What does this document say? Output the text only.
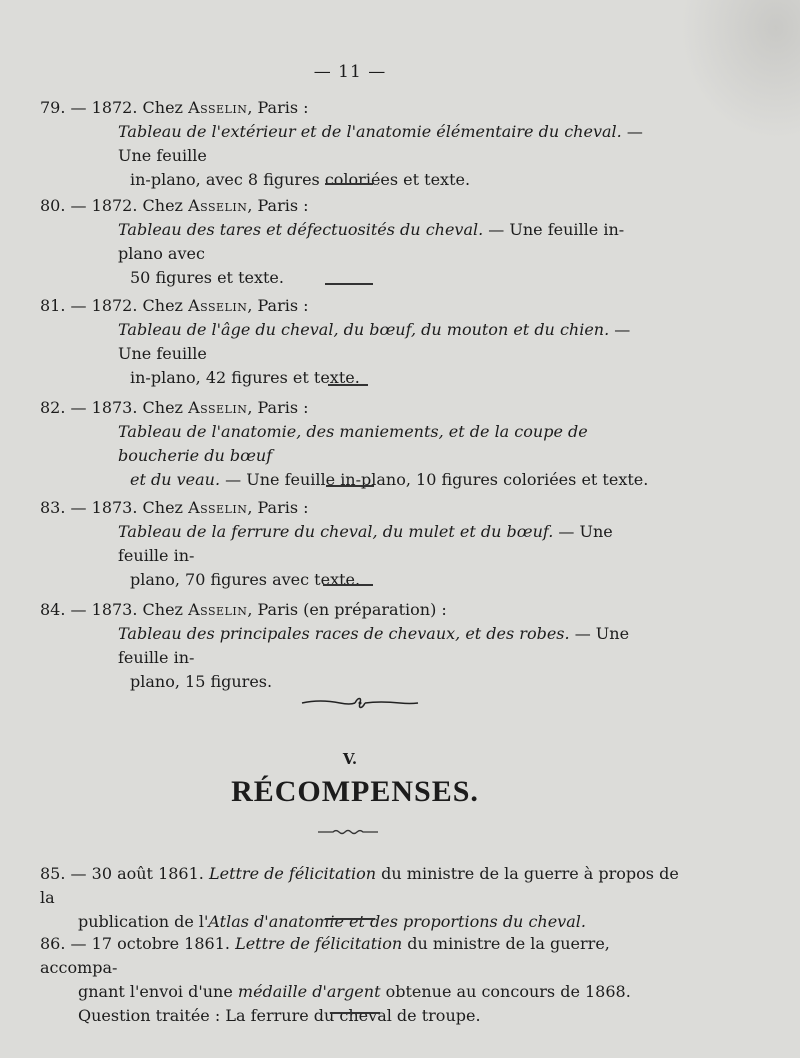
— 11 —
79. — 1872. Chez Asselin, Paris :
Tableau de l'extérieur et de l'anatomie élémentaire du cheval. — Une feuille
in-plano, avec 8 figures coloriées et texte.
80. — 1872. Chez Asselin, Paris :
Tableau des tares et défectuosités du cheval. — Une feuille in-plano avec
50 figures et texte.
81. — 1872. Chez Asselin, Paris :
Tableau de l'âge du cheval, du bœuf, du mouton et du chien. — Une feuille
in-plano, 42 figures et texte.
82. — 1873. Chez Asselin, Paris :
Tableau de l'anatomie, des maniements, et de la coupe de boucherie du bœuf
et du veau. — Une feuille in-plano, 10 figures coloriées et texte.
83. — 1873. Chez Asselin, Paris :
Tableau de la ferrure du cheval, du mulet et du bœuf. — Une feuille in-
plano, 70 figures avec texte.
84. — 1873. Chez Asselin, Paris (en préparation) :
Tableau des principales races de chevaux, et des robes. — Une feuille in-
plano, 15 figures.
V.
RÉCOMPENSES.
85. — 30 août 1861. Lettre de félicitation du ministre de la guerre à propos de la
publication de l'Atlas d'anatomie et des proportions du cheval.
86. — 17 octobre 1861. Lettre de félicitation du ministre de la guerre, accompa-
gnant l'envoi d'une médaille d'argent obtenue au concours de 1868.
Question traitée : La ferrure du cheval de troupe.
